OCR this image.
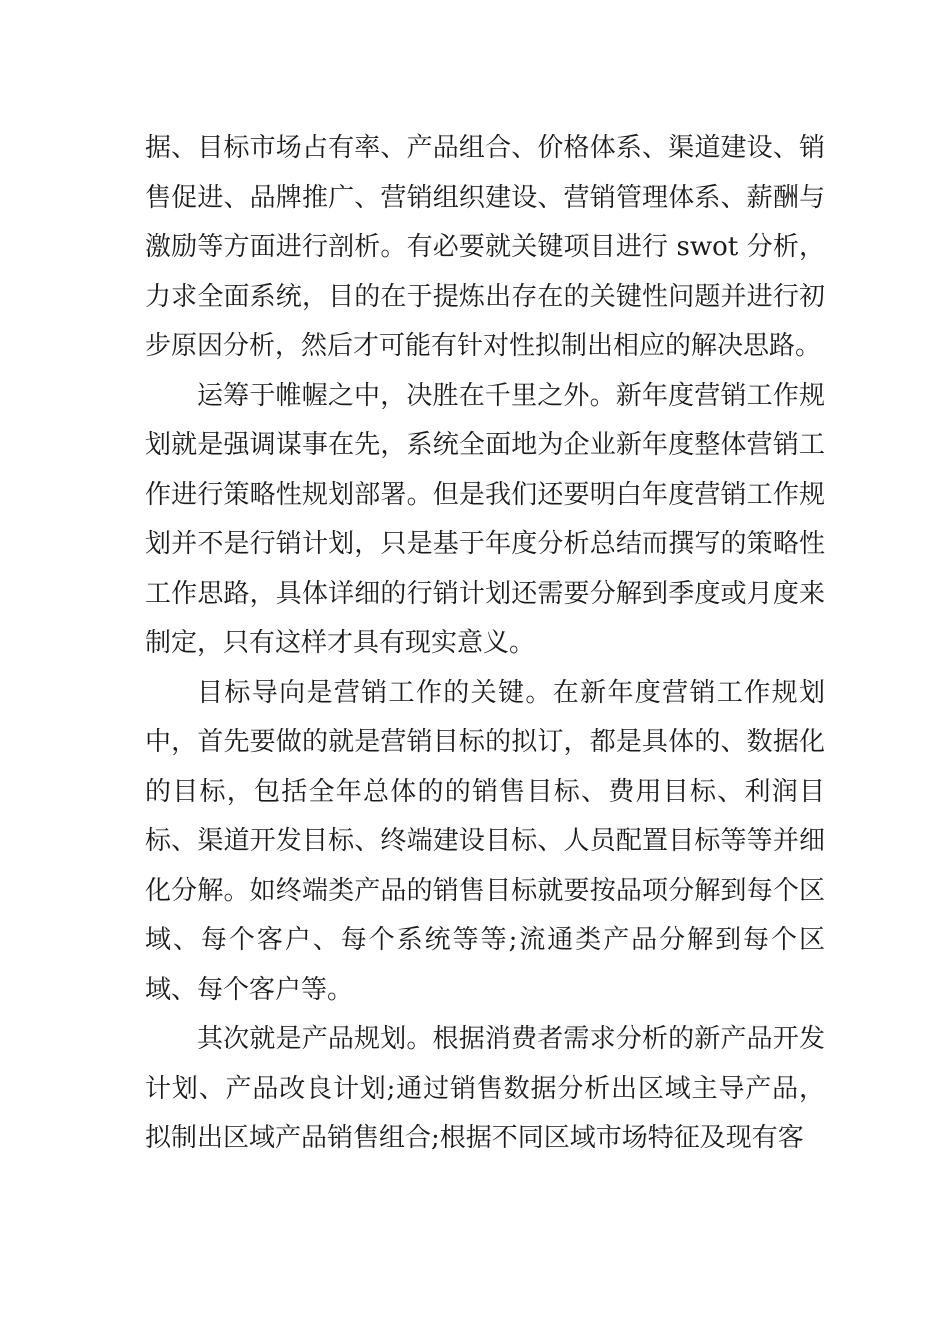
据、目标市场占有率、产品组合、价格体系、渠道建设、销售促进、品牌推广、营销组织建设、营销管理体系、薪酬与激励等方面进行剖析。有必要就关键项目进行 swot 分析，力求全面系统，目的在于提炼出存在的关键性问题并进行初步原因分析，然后才可能有针对性拟制出相应的解决思路。

运筹于帷幄之中，决胜在千里之外。新年度营销工作规划就是强调谋事在先，系统全面地为企业新年度整体营销工作进行策略性规划部署。但是我们还要明白年度营销工作规划并不是行销计划，只是基于年度分析总结而撰写的策略性工作思路，具体详细的行销计划还需要分解到季度或月度来制定，只有这样才具有现实意义。

目标导向是营销工作的关键。在新年度营销工作规划中，首先要做的就是营销目标的拟订，都是具体的、数据化的目标，包括全年总体的的销售目标、费用目标、利润目标、渠道开发目标、终端建设目标、人员配置目标等等并细化分解。如终端类产品的销售目标就要按品项分解到每个区域、每个客户、每个系统等等;流通类产品分解到每个区域、每个客户等。

其次就是产品规划。根据消费者需求分析的新产品开发计划、产品改良计划;通过销售数据分析出区域主导产品，拟制出区域产品销售组合;根据不同区域市场特征及现有客
